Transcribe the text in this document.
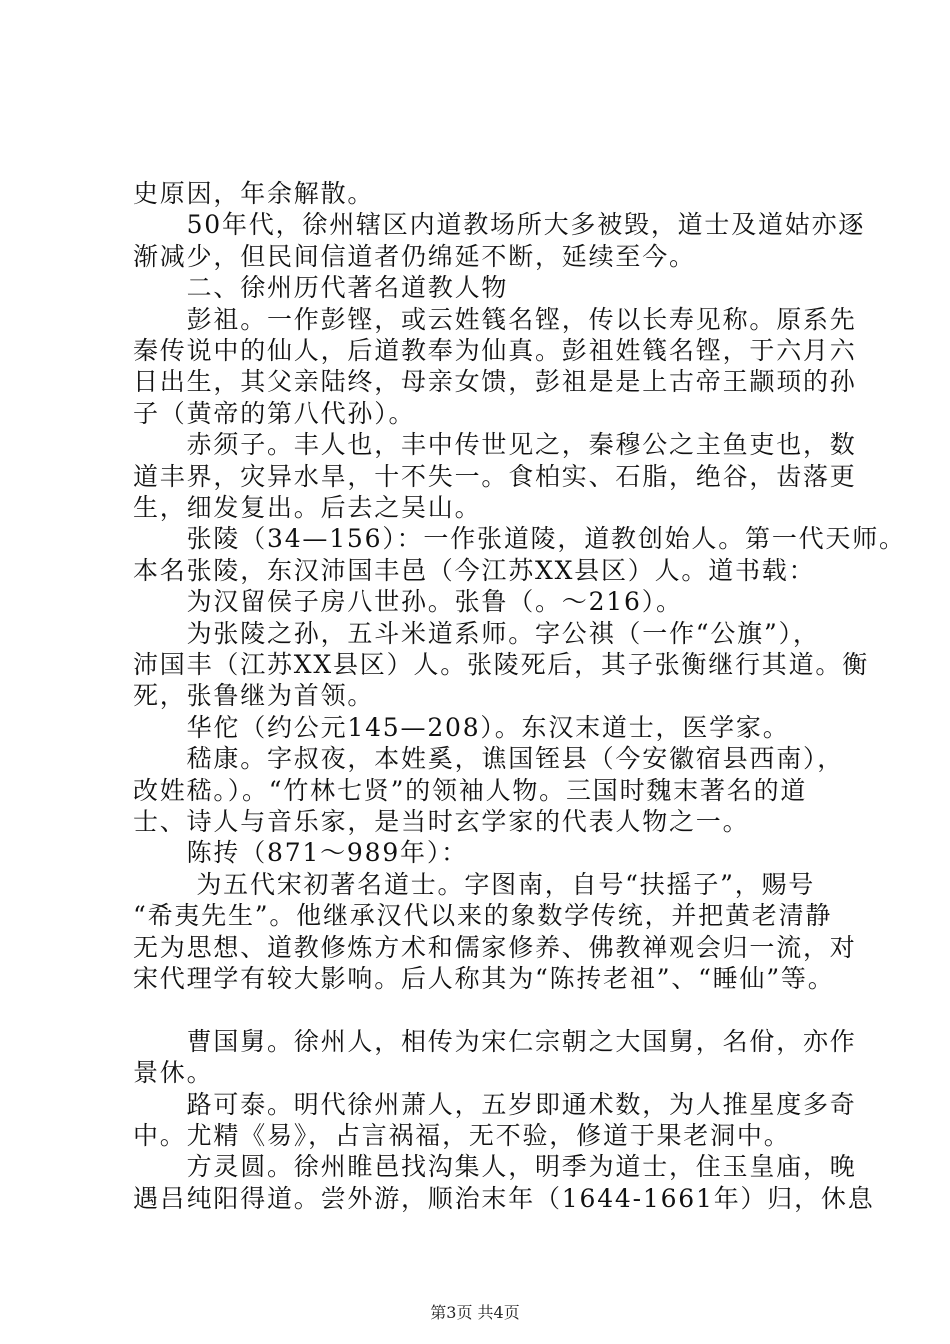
史原因，年余解散。
　　50年代，徐州辖区内道教场所大多被毁，道士及道姑亦逐
渐减少，但民间信道者仍绵延不断，延续至今。
　　二、徐州历代著名道教人物
　　彭祖。一作彭铿，或云姓篯名铿，传以长寿见称。原系先
秦传说中的仙人，后道教奉为仙真。彭祖姓篯名铿，于六月六
日出生，其父亲陆终，母亲女馈，彭祖是是上古帝王颛顼的孙
子（黄帝的第八代孙）。
　　赤须子。丰人也，丰中传世见之，秦穆公之主鱼吏也，数
道丰界，灾异水旱，十不失一。食柏实、石脂，绝谷，齿落更
生，细发复出。后去之吴山。
　　张陵（34—156）：一作张道陵，道教创始人。第一代天师。
本名张陵，东汉沛国丰邑（今江苏XX县区）人。道书载：
　　为汉留侯子房八世孙。张鲁（。～216）。
　　为张陵之孙，五斗米道系师。字公祺（一作“公旗”），
沛国丰（江苏XX县区）人。张陵死后，其子张衡继行其道。衡
死，张鲁继为首领。
　　华佗（约公元145—208）。东汉末道士，医学家。
　　嵇康。字叔夜，本姓奚，谯国铚县（今安徽宿县西南），
改姓嵇。）。“竹林七贤”的领袖人物。三国时魏末著名的道
士、诗人与音乐家，是当时玄学家的代表人物之一。
　　陈抟（871～989年）：
　　 为五代宋初著名道士。字图南，自号“扶摇子”，赐号
“希夷先生”。他继承汉代以来的象数学传统，并把黄老清静
无为思想、道教修炼方术和儒家修养、佛教禅观会归一流，对
宋代理学有较大影响。后人称其为“陈抟老祖”、“睡仙”等。
　　曹国舅。徐州人，相传为宋仁宗朝之大国舅，名佾，亦作
景休。
　　路可泰。明代徐州萧人，五岁即通术数，为人推星度多奇
中。尤精《易》，占言祸福，无不验，修道于果老洞中。
　　方灵圆。徐州睢邑找沟集人，明季为道士，住玉皇庙，晚
遇吕纯阳得道。尝外游，顺治末年（1644-1661年）归，休息
第3页 共4页
